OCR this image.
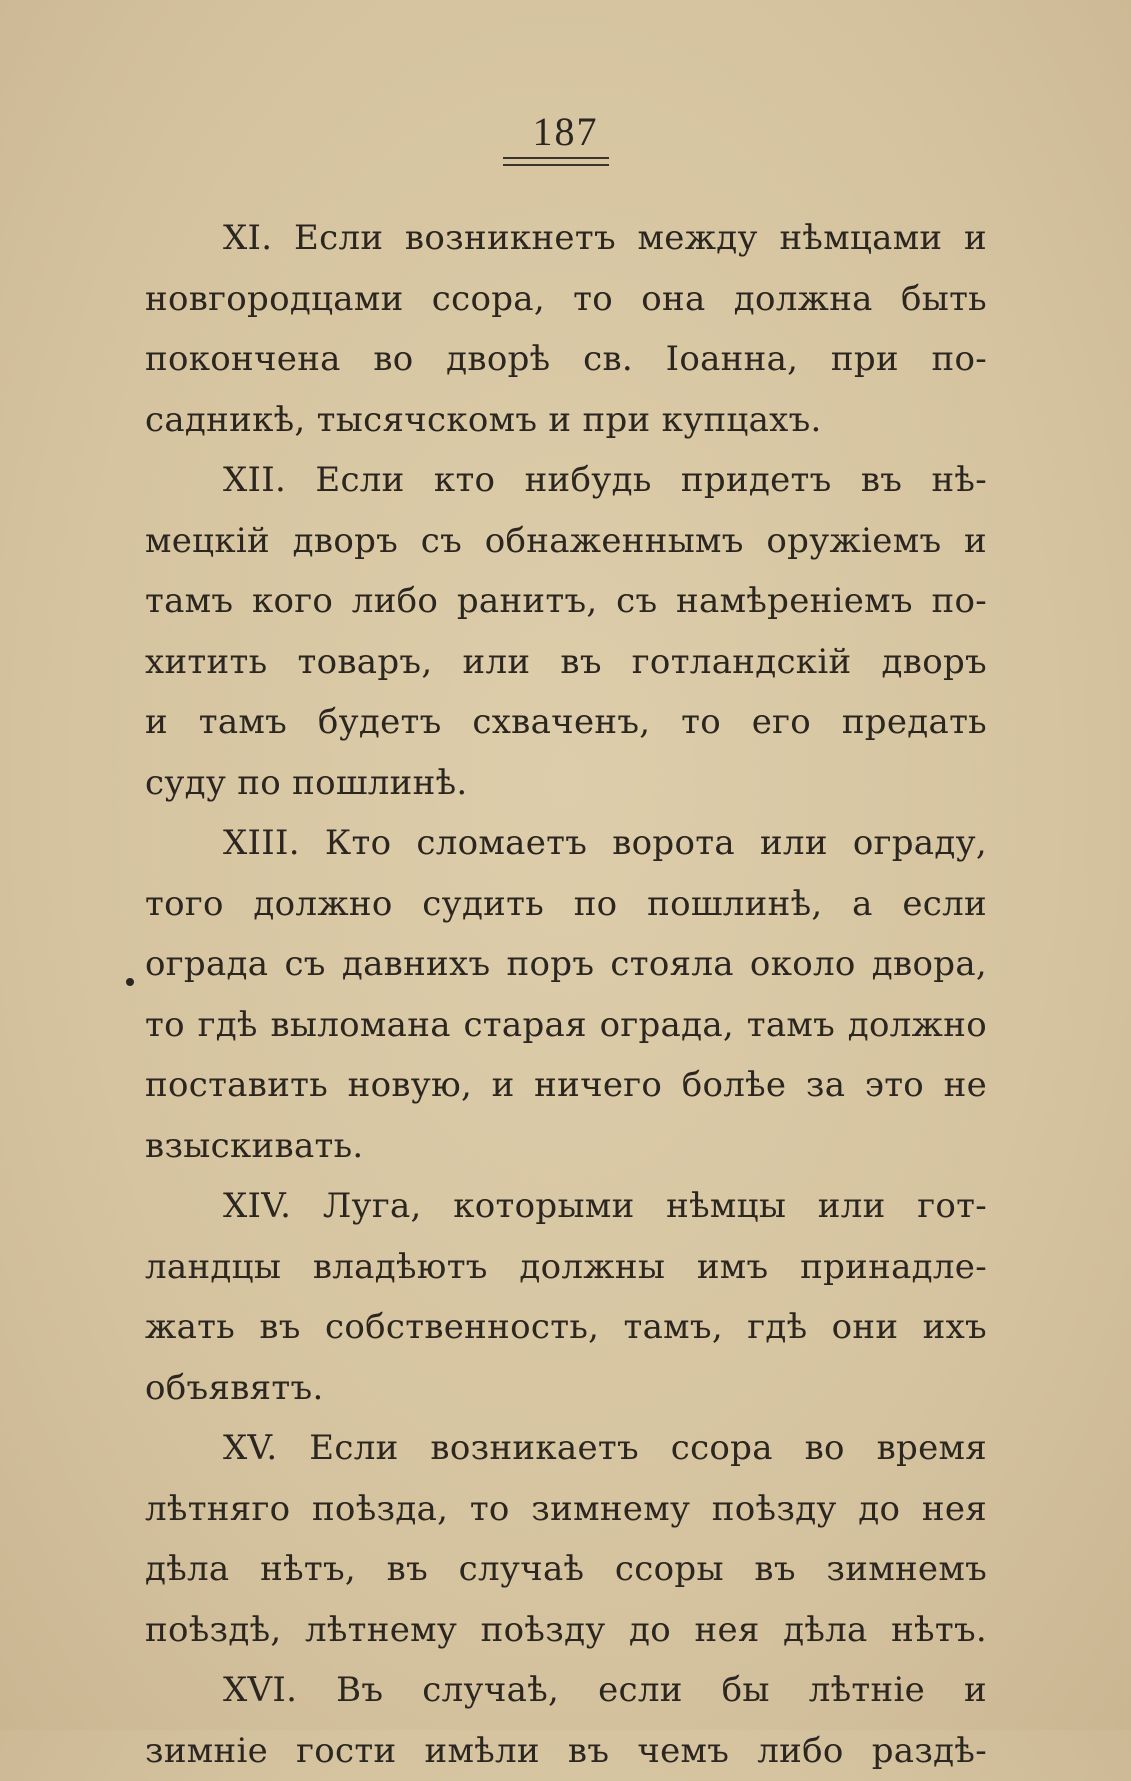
187
XI. Если возникнетъ между нѣмцами и
новгородцами ссора, то она должна быть
покончена во дворѣ св. Іоанна, при по-
садникѣ, тысячскомъ и при купцахъ.
XII. Если кто нибудь придетъ въ нѣ-
мецкій дворъ съ обнаженнымъ оружіемъ и
тамъ кого либо ранитъ, съ намѣреніемъ по-
хитить товаръ, или въ готландскій дворъ
и тамъ будетъ схваченъ, то его предать
суду по пошлинѣ.
XIII. Кто сломаетъ ворота или ограду,
того должно судить по пошлинѣ, а если
ограда съ давнихъ поръ стояла около двора,
то гдѣ выломана старая ограда, тамъ должно
поставить новую, и ничего болѣе за это не
взыскивать.
XIV. Луга, которыми нѣмцы или гот-
ландцы владѣютъ должны имъ принадле-
жать въ собственность, тамъ, гдѣ они ихъ
объявятъ.
XV. Если возникаетъ ссора во время
лѣтняго поѣзда, то зимнему поѣзду до нея
дѣла нѣтъ, въ случаѣ ссоры въ зимнемъ
поѣздѣ, лѣтнему поѣзду до нея дѣла нѣтъ.
XVI. Въ случаѣ, если бы лѣтніе и
зимніе гости имѣли въ чемъ либо раздѣ-
